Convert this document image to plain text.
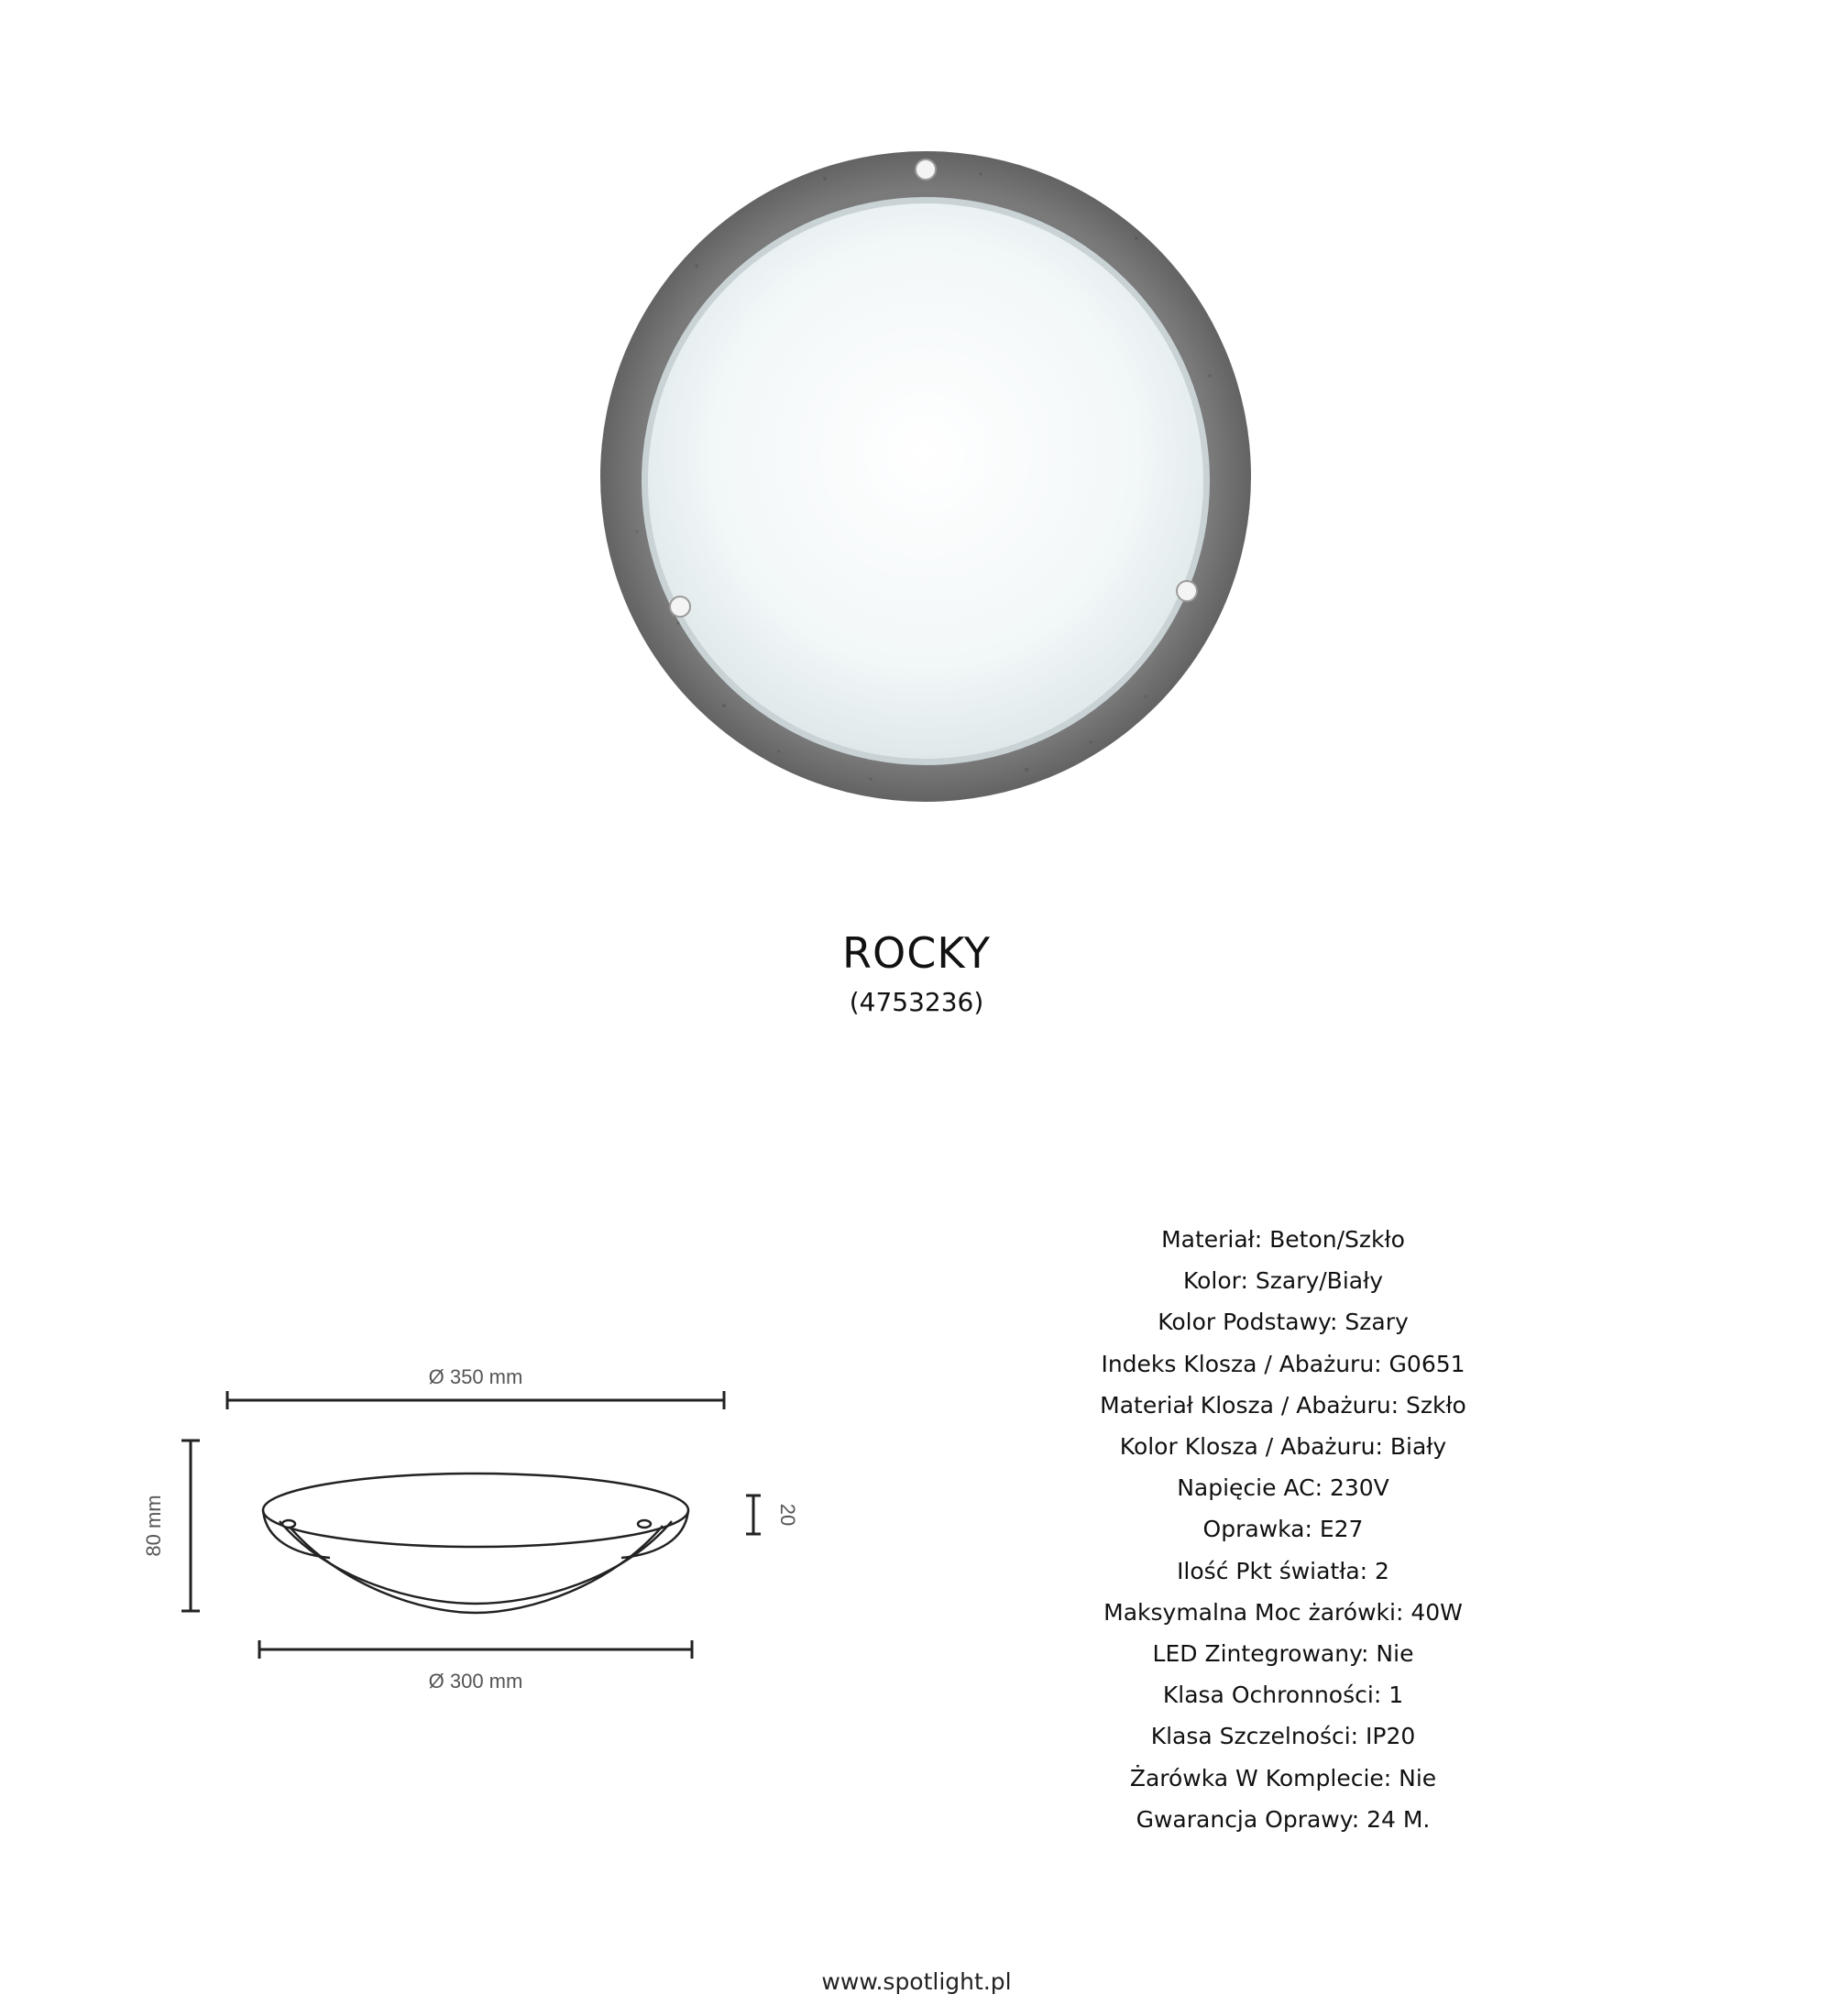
ROCKY
(4753236)
Ø 350 mm
Ø 300 mm
80 mm	20
Materiał: Beton/Szkło
Kolor: Szary/Biały
Kolor Podstawy: Szary
Indeks Klosza / Abażuru: G0651
Materiał Klosza / Abażuru: Szkło
Kolor Klosza / Abażuru: Biały
Napięcie AC: 230V
Oprawka: E27
Ilość Pkt światła: 2
Maksymalna Moc żarówki: 40W
LED Zintegrowany: Nie
Klasa Ochronności: 1
Klasa Szczelności: IP20
Żarówka W Komplecie: Nie
Gwarancja Oprawy: 24 M.
www.spotlight.pl
